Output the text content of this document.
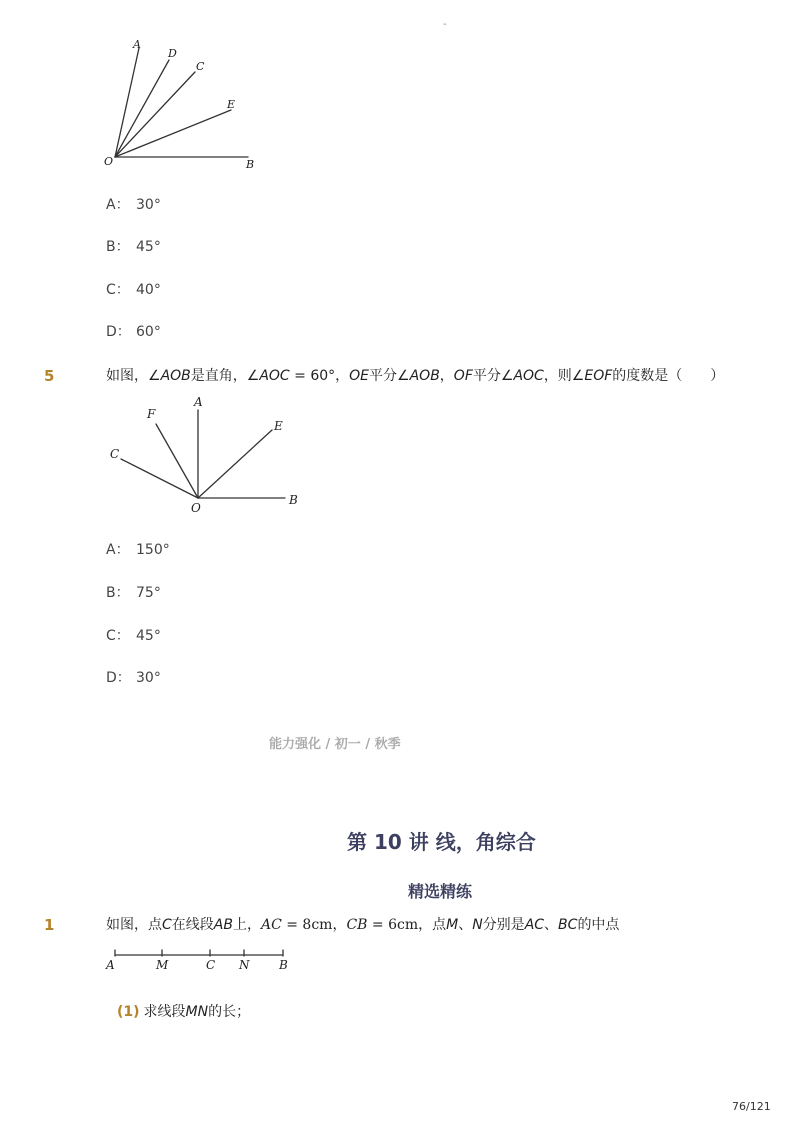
-
A
D
C
E
O	B
A： 30°
B： 45°
C： 40°
D： 60°
5	如图，∠AOB是直角，∠AOC = 60°，OE平分∠AOB，OF平分∠AOC，则∠EOF的度数是（　　）
A
F
C
E
B
O
A： 150°
B： 75°
C： 45°
D： 30°
能力强化 / 初一 / 秋季
第 10 讲 线，角综合
精选精练
1	如图，点C在线段AB上，AC = 8cm，CB = 6cm，点M、N分别是AC、BC的中点
A	M	C N B
(1) 求线段MN的长；
76/121
